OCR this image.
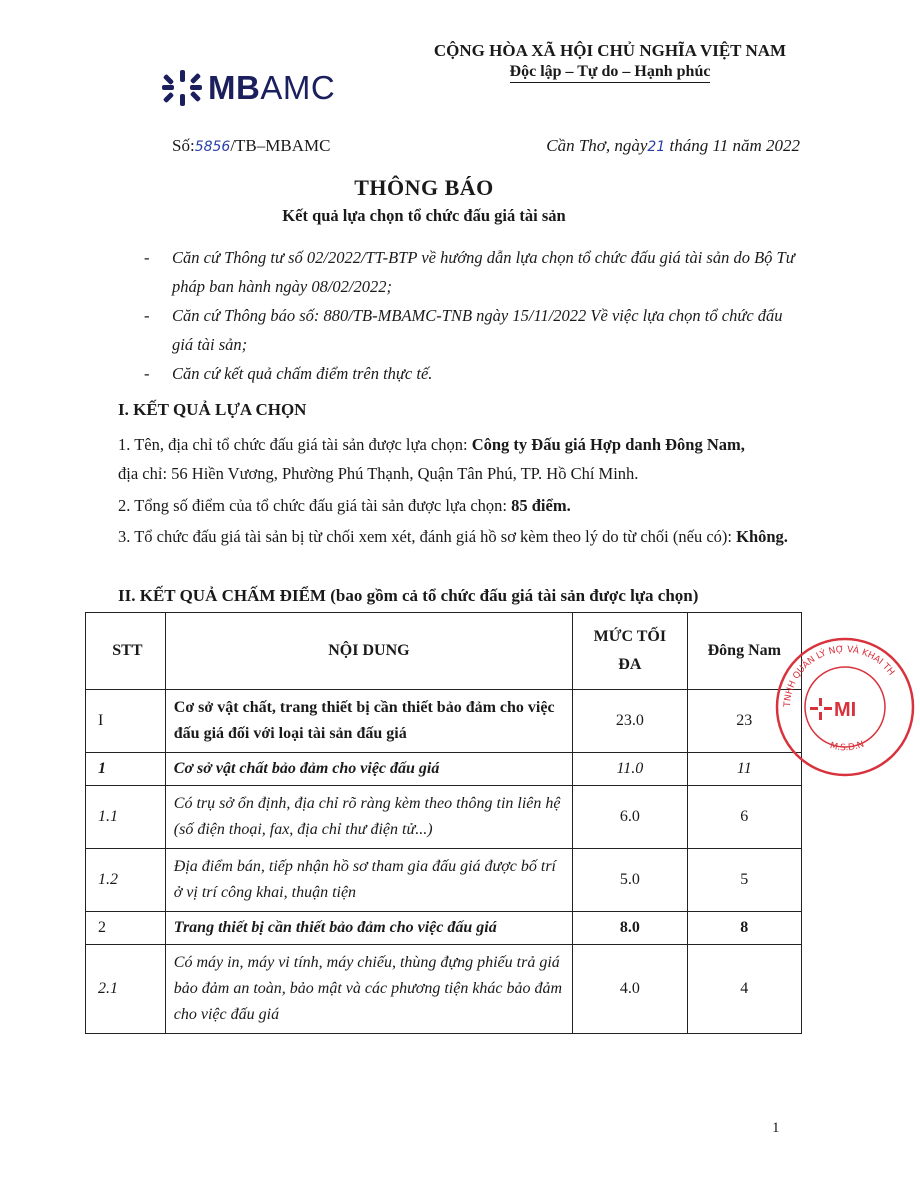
MBAMC
CỘNG HÒA XÃ HỘI CHỦ NGHĨA VIỆT NAM
Độc lập – Tự do – Hạnh phúc
Số:5856/TB–MBAMC	Cần Thơ, ngày21 tháng 11 năm 2022
THÔNG BÁO
Kết quả lựa chọn tổ chức đấu giá tài sản
- Căn cứ Thông tư số 02/2022/TT-BTP về hướng dẫn lựa chọn tổ chức đấu giá tài sản do Bộ Tư pháp ban hành ngày 08/02/2022;
- Căn cứ Thông báo số: 880/TB-MBAMC-TNB ngày 15/11/2022 Về việc lựa chọn tổ chức đấu giá tài sản;
- Căn cứ kết quả chấm điểm trên thực tế.
I. KẾT QUẢ LỰA CHỌN
1. Tên, địa chỉ tổ chức đấu giá tài sản được lựa chọn: Công ty Đấu giá Hợp danh Đông Nam,
địa chỉ: 56 Hiền Vương, Phường Phú Thạnh, Quận Tân Phú, TP. Hồ Chí Minh.
2. Tổng số điểm của tổ chức đấu giá tài sản được lựa chọn: 85 điểm.
3. Tổ chức đấu giá tài sản bị từ chối xem xét, đánh giá hồ sơ kèm theo lý do từ chối (nếu có): Không.
II. KẾT QUẢ CHẤM ĐIỂM (bao gồm cả tổ chức đấu giá tài sản được lựa chọn)
STT	NỘI DUNG	MỨC TỐI ĐA	Đông Nam
I	Cơ sở vật chất, trang thiết bị cần thiết bảo đảm cho việc đấu giá đối với loại tài sản đấu giá	23.0	23
1	Cơ sở vật chất bảo đảm cho việc đấu giá	11.0	11
1.1	Có trụ sở ổn định, địa chỉ rõ ràng kèm theo thông tin liên hệ (số điện thoại, fax, địa chỉ thư điện tử...)	6.0	6
1.2	Địa điểm bán, tiếp nhận hồ sơ tham gia đấu giá được bố trí ở vị trí công khai, thuận tiện	5.0	5
2	Trang thiết bị cần thiết bảo đảm cho việc đấu giá	8.0	8
2.1	Có máy in, máy vi tính, máy chiếu, thùng đựng phiếu trả giá bảo đảm an toàn, bảo mật và các phương tiện khác bảo đảm cho việc đấu giá	4.0	4
TNHH QUẢN LÝ NỢ VÀ KHAI TH
M.S.D.N
MI
1
